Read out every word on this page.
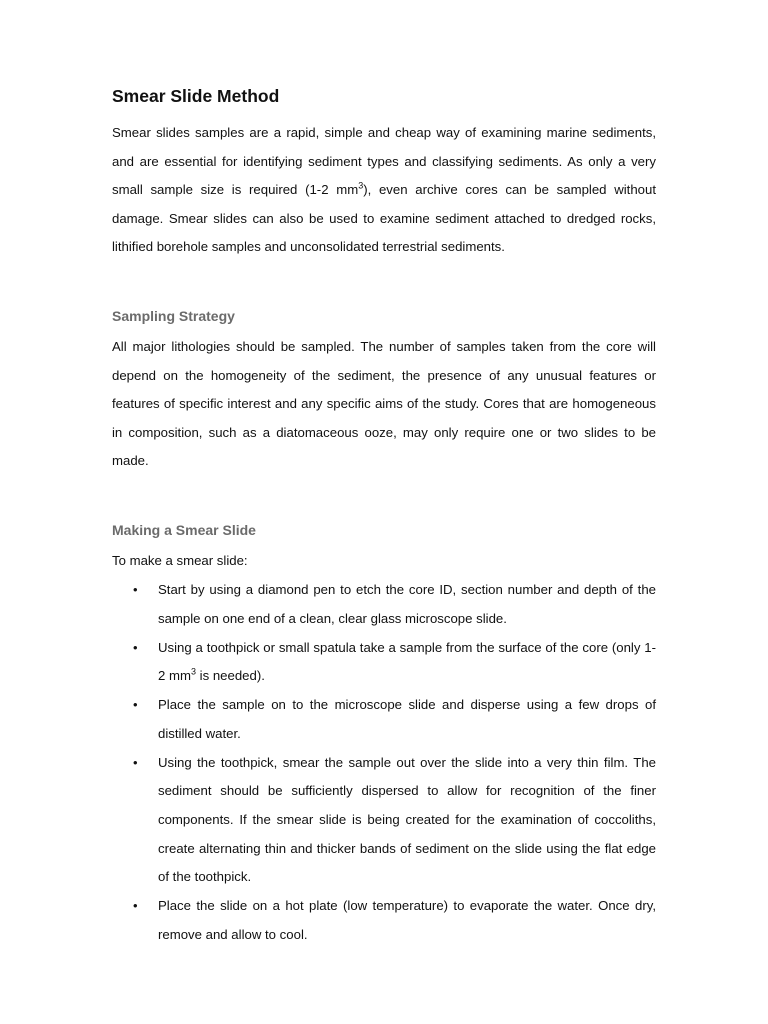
Smear Slide Method

Smear slides samples are a rapid, simple and cheap way of examining marine sediments, and are essential for identifying sediment types and classifying sediments. As only a very small sample size is required (1-2 $mm^3$), even archive cores can be sampled without damage. Smear slides can also be used to examine sediment attached to dredged rocks, lithified borehole samples and unconsolidated terrestrial sediments.

Sampling Strategy

All major lithologies should be sampled. The number of samples taken from the core will depend on the homogeneity of the sediment, the presence of any unusual features or features of specific interest and any specific aims of the study. Cores that are homogeneous in composition, such as a diatomaceous ooze, may only require one or two slides to be made.

Making a Smear Slide

To make a smear slide:

• Start by using a diamond pen to etch the core ID, section number and depth of the sample on one end of a clean, clear glass microscope slide.
• Using a toothpick or small spatula take a sample from the surface of the core (only 1-2 $mm^3$ is needed).
• Place the sample on to the microscope slide and disperse using a few drops of distilled water.
• Using the toothpick, smear the sample out over the slide into a very thin film. The sediment should be sufficiently dispersed to allow for recognition of the finer components. If the smear slide is being created for the examination of coccoliths, create alternating thin and thicker bands of sediment on the slide using the flat edge of the toothpick.
• Place the slide on a hot plate (low temperature) to evaporate the water. Once dry, remove and allow to cool.
